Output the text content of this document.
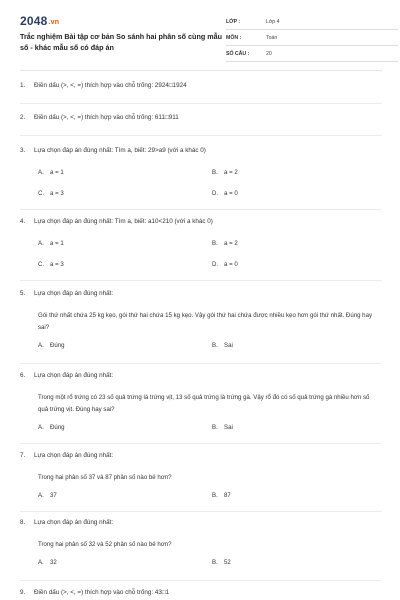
2048.vn
Trắc nghiệm Bài tập cơ bản So sánh hai phân số cùng mẫu số - khác mẫu số có đáp án
LỚP :	Lớp 4
MÔN :	Toán
SỐ CÂU :	20
1. Điền dấu (>, <, =) thích hợp vào chỗ trống: 2924□1924
2. Điền dấu (>, <, =) thích hợp vào chỗ trống: 611□911
3. Lựa chọn đáp án đúng nhất: Tìm a, biết: 29>a9 (với a khác 0)
A. a = 1	B. a = 2
C. a = 3	D. a = 0
4. Lựa chọn đáp án đúng nhất: Tìm a, biết: a10<210 (với a khác 0)
A. a = 1	B. a = 2
C. a = 3	D. a = 0
5. Lựa chọn đáp án đúng nhất:
Gói thứ nhất chứa 25 kg kẹo, gói thứ hai chứa 15 kg kẹo. Vậy gói thứ hai chứa được nhiều kẹo hơn gói thứ nhất. Đúng hay sai?
A. Đúng	B. Sai
6. Lựa chọn đáp án đúng nhất:
Trong một rổ trứng có 23 số quả trứng là trứng vịt, 13 số quả trứng là trứng gà. Vậy rổ đó có số quả trứng gà nhiều hơn số quả trứng vịt. Đúng hay sai?
A. Đúng	B. Sai
7. Lựa chọn đáp án đúng nhất:
Trong hai phân số 37 và 87 phân số nào bé hơn?
A. 37	B. 87
8. Lựa chọn đáp án đúng nhất:
Trong hai phân số 32 và 52 phân số nào bé hơn?
A. 32	B. 52
9. Điền dấu (>, <, =) thích hợp vào chỗ trống: 43□1
